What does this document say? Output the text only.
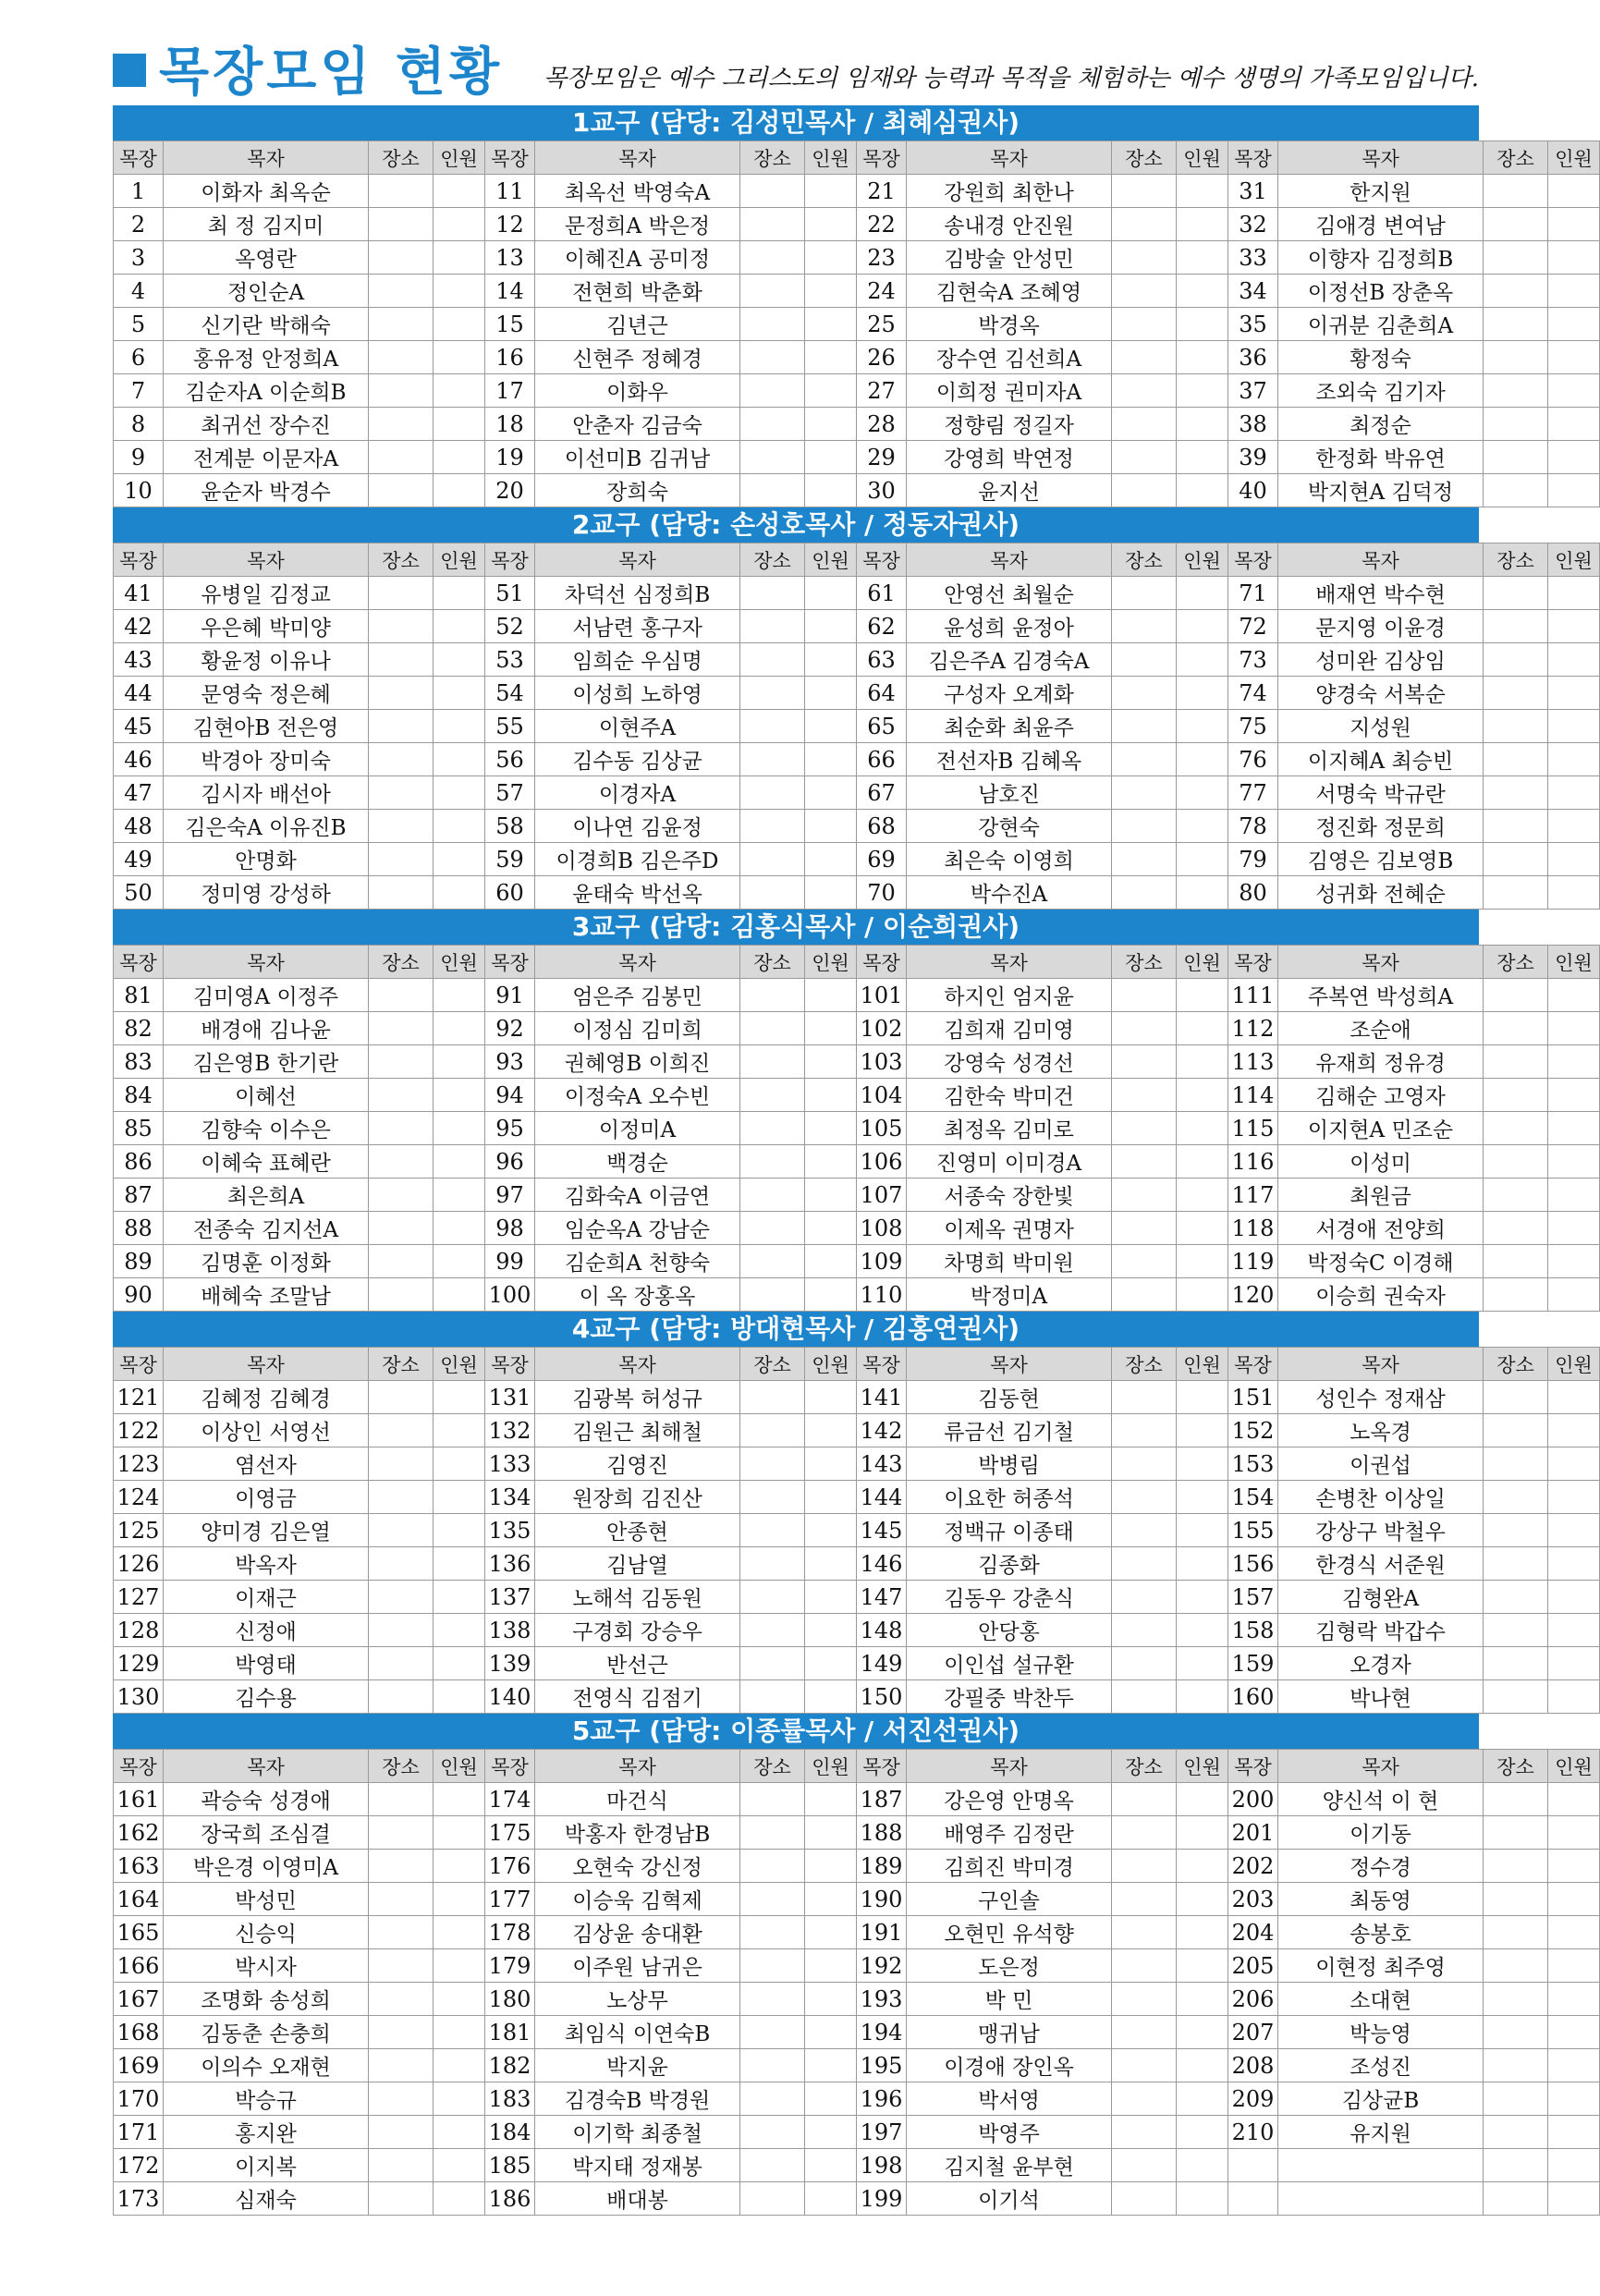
목장모임 현황 목장모임은 예수 그리스도의 임재와 능력과 목적을 체험하는 예수 생명의 가족모임입니다.
1교구 (담당: 김성민목사 / 최혜심권사)
목장	목자	장소	인원	목장	목자	장소	인원	목장	목자	장소	인원	목장	목자	장소	인원
1	이화자 최옥순			11	최옥선 박영숙A			21	강원희 최한나			31	한지원		
2	최 정 김지미			12	문정희A 박은정			22	송내경 안진원			32	김애경 변여남		
3	옥영란			13	이혜진A 공미정			23	김방술 안성민			33	이향자 김정희B		
4	정인순A			14	전현희 박춘화			24	김현숙A 조혜영			34	이정선B 장춘옥		
5	신기란 박해숙			15	김년근			25	박경옥			35	이귀분 김춘희A		
6	홍유정 안정희A			16	신현주 정혜경			26	장수연 김선희A			36	황정숙		
7	김순자A 이순희B			17	이화우			27	이희정 권미자A			37	조외숙 김기자		
8	최귀선 장수진			18	안춘자 김금숙			28	정향림 정길자			38	최정순		
9	전계분 이문자A			19	이선미B 김귀남			29	강영희 박연정			39	한정화 박유연		
10	윤순자 박경수			20	장희숙			30	윤지선			40	박지현A 김덕정		
2교구 (담당: 손성호목사 / 정동자권사)
목장	목자	장소	인원	목장	목자	장소	인원	목장	목자	장소	인원	목장	목자	장소	인원
41	유병일 김정교			51	차덕선 심정희B			61	안영선 최월순			71	배재연 박수현		
42	우은혜 박미양			52	서남련 홍구자			62	윤성희 윤정아			72	문지영 이윤경		
43	황윤정 이유나			53	임희순 우심명			63	김은주A 김경숙A			73	성미완 김상임		
44	문영숙 정은혜			54	이성희 노하영			64	구성자 오계화			74	양경숙 서복순		
45	김현아B 전은영			55	이현주A			65	최순화 최윤주			75	지성원		
46	박경아 장미숙			56	김수동 김상균			66	전선자B 김혜옥			76	이지혜A 최승빈		
47	김시자 배선아			57	이경자A			67	남호진			77	서명숙 박규란		
48	김은숙A 이유진B			58	이나연 김윤정			68	강현숙			78	정진화 정문희		
49	안명화			59	이경희B 김은주D			69	최은숙 이영희			79	김영은 김보영B		
50	정미영 강성하			60	윤태숙 박선옥			70	박수진A			80	성귀화 전혜순		
3교구 (담당: 김홍식목사 / 이순희권사)
목장	목자	장소	인원	목장	목자	장소	인원	목장	목자	장소	인원	목장	목자	장소	인원
81	김미영A 이정주			91	엄은주 김봉민			101	하지인 엄지윤			111	주복연 박성희A		
82	배경애 김나윤			92	이정심 김미희			102	김희재 김미영			112	조순애		
83	김은영B 한기란			93	권혜영B 이희진			103	강영숙 성경선			113	유재희 정유경		
84	이혜선			94	이정숙A 오수빈			104	김한숙 박미건			114	김해순 고영자		
85	김향숙 이수은			95	이정미A			105	최정옥 김미로			115	이지현A 민조순		
86	이혜숙 표혜란			96	백경순			106	진영미 이미경A			116	이성미		
87	최은희A			97	김화숙A 이금연			107	서종숙 장한빛			117	최원금		
88	전종숙 김지선A			98	임순옥A 강남순			108	이제옥 권명자			118	서경애 전양희		
89	김명훈 이정화			99	김순희A 천향숙			109	차명희 박미원			119	박정숙C 이경해		
90	배혜숙 조말남			100	이 옥 장홍옥			110	박정미A			120	이승희 권숙자		
4교구 (담당: 방대현목사 / 김홍연권사)
목장	목자	장소	인원	목장	목자	장소	인원	목장	목자	장소	인원	목장	목자	장소	인원
121	김혜정 김혜경			131	김광복 허성규			141	김동현			151	성인수 정재삼		
122	이상인 서영선			132	김원근 최해철			142	류금선 김기철			152	노옥경		
123	염선자			133	김영진			143	박병림			153	이권섭		
124	이영금			134	원장희 김진산			144	이요한 허종석			154	손병찬 이상일		
125	양미경 김은열			135	안종현			145	정백규 이종태			155	강상구 박철우		
126	박옥자			136	김남열			146	김종화			156	한경식 서준원		
127	이재근			137	노해석 김동원			147	김동우 강춘식			157	김형완A		
128	신정애			138	구경회 강승우			148	안당홍			158	김형락 박갑수		
129	박영태			139	반선근			149	이인섭 설규환			159	오경자		
130	김수용			140	전영식 김점기			150	강필중 박찬두			160	박나현		
5교구 (담당: 이종률목사 / 서진선권사)
목장	목자	장소	인원	목장	목자	장소	인원	목장	목자	장소	인원	목장	목자	장소	인원
161	곽승숙 성경애			174	마건식			187	강은영 안명옥			200	양신석 이 현		
162	장국희 조심결			175	박홍자 한경남B			188	배영주 김정란			201	이기동		
163	박은경 이영미A			176	오현숙 강신정			189	김희진 박미경			202	정수경		
164	박성민			177	이승욱 김혁제			190	구인솔			203	최동영		
165	신승익			178	김상윤 송대환			191	오현민 유석향			204	송봉호		
166	박시자			179	이주원 남귀은			192	도은정			205	이현정 최주영		
167	조명화 송성희			180	노상무			193	박 민			206	소대현		
168	김동춘 손충희			181	최임식 이연숙B			194	맹귀남			207	박능영		
169	이의수 오재현			182	박지윤			195	이경애 장인옥			208	조성진		
170	박승규			183	김경숙B 박경원			196	박서영			209	김상균B		
171	홍지완			184	이기학 최종철			197	박영주			210	유지원		
172	이지복			185	박지태 정재봉			198	김지철 윤부현						
173	심재숙			186	배대봉			199	이기석						
